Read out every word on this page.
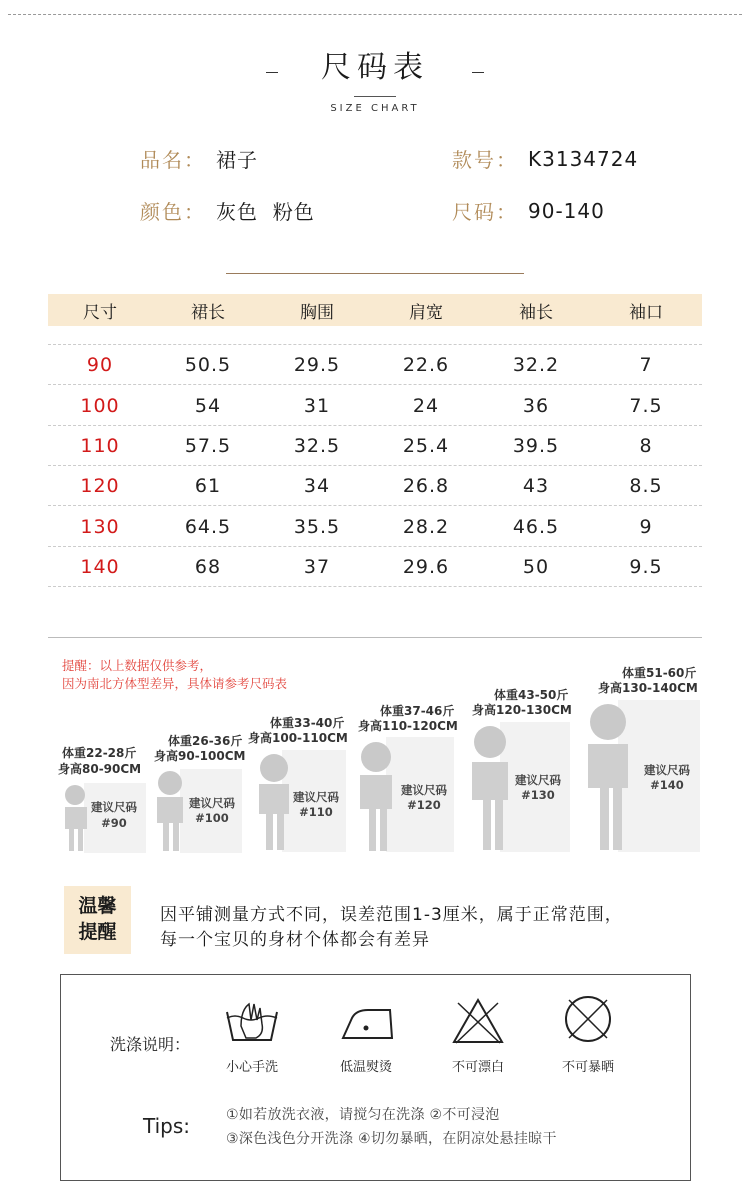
尺码表
SIZE CHART
品名： 裙子	款号： K3134724
颜色： 灰色  粉色	尺码： 90-140
尺寸	裙长	胸围	肩宽	袖长	袖口
90	50.5	29.5	22.6	32.2	7
100	54	31	24	36	7.5
110	57.5	32.5	25.4	39.5	8
120	61	34	26.8	43	8.5
130	64.5	35.5	28.2	46.5	9
140	68	37	29.6	50	9.5
提醒：以上数据仅供参考，
因为南北方体型差异，具体请参考尺码表
体重22-28斤
身高80-90CM
建议尺码
#90
体重26-36斤
身高90-100CM
建议尺码
#100
体重33-40斤
身高100-110CM
建议尺码
#110
体重37-46斤
身高110-120CM
建议尺码
#120
体重43-50斤
身高120-130CM
建议尺码
#130
体重51-60斤
身高130-140CM
建议尺码
#140
温馨
提醒
因平铺测量方式不同，误差范围1-3厘米，属于正常范围，
每一个宝贝的身材个体都会有差异
洗涤说明：
小心手洗	低温熨烫	不可漂白	不可暴晒
Tips:	①如若放洗衣液，请搅匀在洗涤 ②不可浸泡
③深色浅色分开洗涤 ④切勿暴晒，在阴凉处悬挂晾干
